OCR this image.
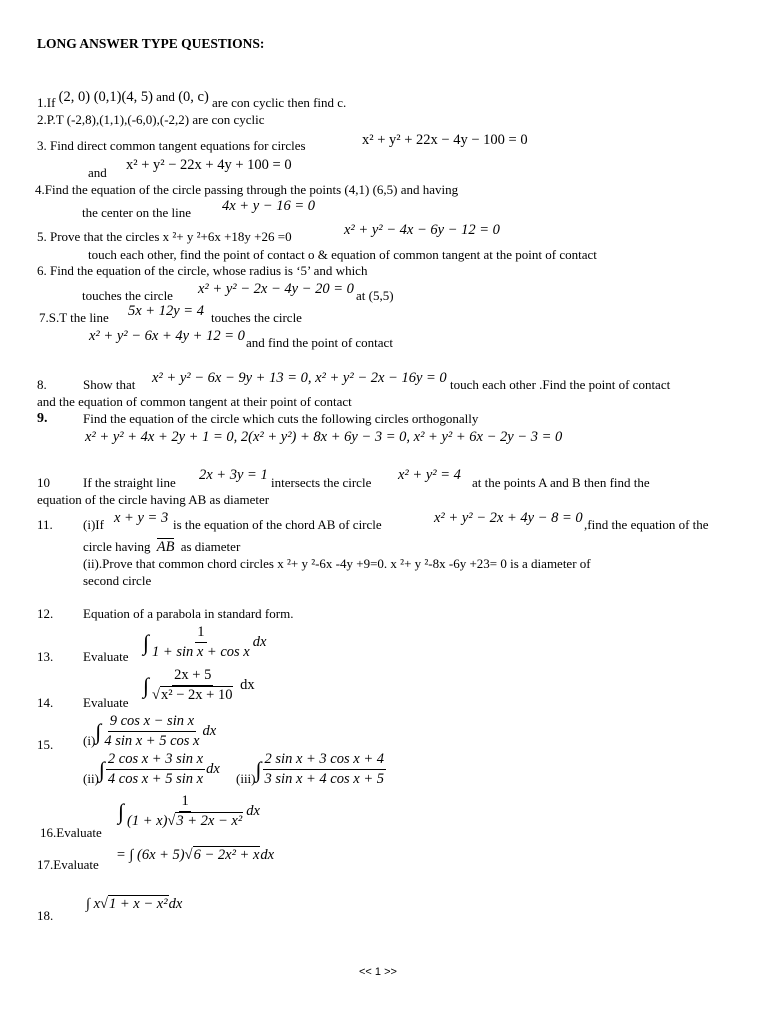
LONG ANSWER TYPE QUESTIONS:
1.If (2, 0) (0,1)(4, 5) and (0, c) are con cyclic then find c.
2.P.T (-2,8),(1,1),(-6,0),(-2,2) are con cyclic
3. Find direct common tangent equations for circles	x² + y² + 22x − 4y − 100 = 0
and x² + y² − 22x + 4y + 100 = 0
4.Find the equation of the circle passing through the points (4,1) (6,5) and having
the center on the line 4x + y − 16 = 0
5. Prove that the circles x ²+ y ²+6x +18y +26 =0	x² + y² − 4x − 6y − 12 = 0
touch each other, find the point of contact o & equation of common tangent at the point of contact
6. Find the equation of the circle, whose radius is ‘5’ and which
touches the circle x² + y² − 2x − 4y − 20 = 0 at (5,5)
7.S.T the line 5x + 12y = 4 touches the circle
x² + y² − 6x + 4y + 12 = 0 and find the point of contact
8.	Show that x² + y² − 6x − 9y + 13 = 0, x² + y² − 2x − 16y = 0 touch each other .Find the point of contact
and the equation of common tangent at their point of contact
9.	Find the equation of the circle which cuts the following circles orthogonally
x² + y² + 4x + 2y + 1 = 0, 2(x² + y²) + 8x + 6y − 3 = 0, x² + y² + 6x − 2y − 3 = 0
10	If the straight line 2x + 3y = 1 intersects the circle x² + y² = 4 at the points A and B then find the
equation of the circle having AB as diameter
11. (i)If x + y = 3 is the equation of the chord AB of circle	x² + y² − 2x + 4y − 8 = 0 ,find the equation of the
circle having AB as diameter
(ii).Prove that common chord circles x ²+ y ²-6x -4y +9=0. x ²+ y ²-8x -6y +23= 0 is a diameter of
second circle
12. Equation of a parabola in standard form.
13. Evaluate
∫ $\frac{1}{\text{1 + sin x + cos x}}$ dx
14. Evaluate
∫ $\frac{2x + 5}{\text{√x² − 2x + 10}}$ dx
15. $(i)\int \frac{\text{9 cos x − sin x}}{\text{4 sin x + 5 cos x}}$ dx
$(ii)\int \frac{\text{2 cos x + 3 sin x}}{\text{4 cos x + 5 sin x}}$ dx
$(iii)\int \frac{\text{2 sin x + 3 cos x + 4}}{\text{3 sin x + 4 cos x + 5}}$
16.Evaluate
∫ $\frac{1}{\text{(1 + x)√3 + 2x − x²}}$ dx
17.Evaluate
= ∫ (6x + 5)√6 − 2x² + xdx
18.
∫ x√1 + x − x²dx
<< 1 >>
